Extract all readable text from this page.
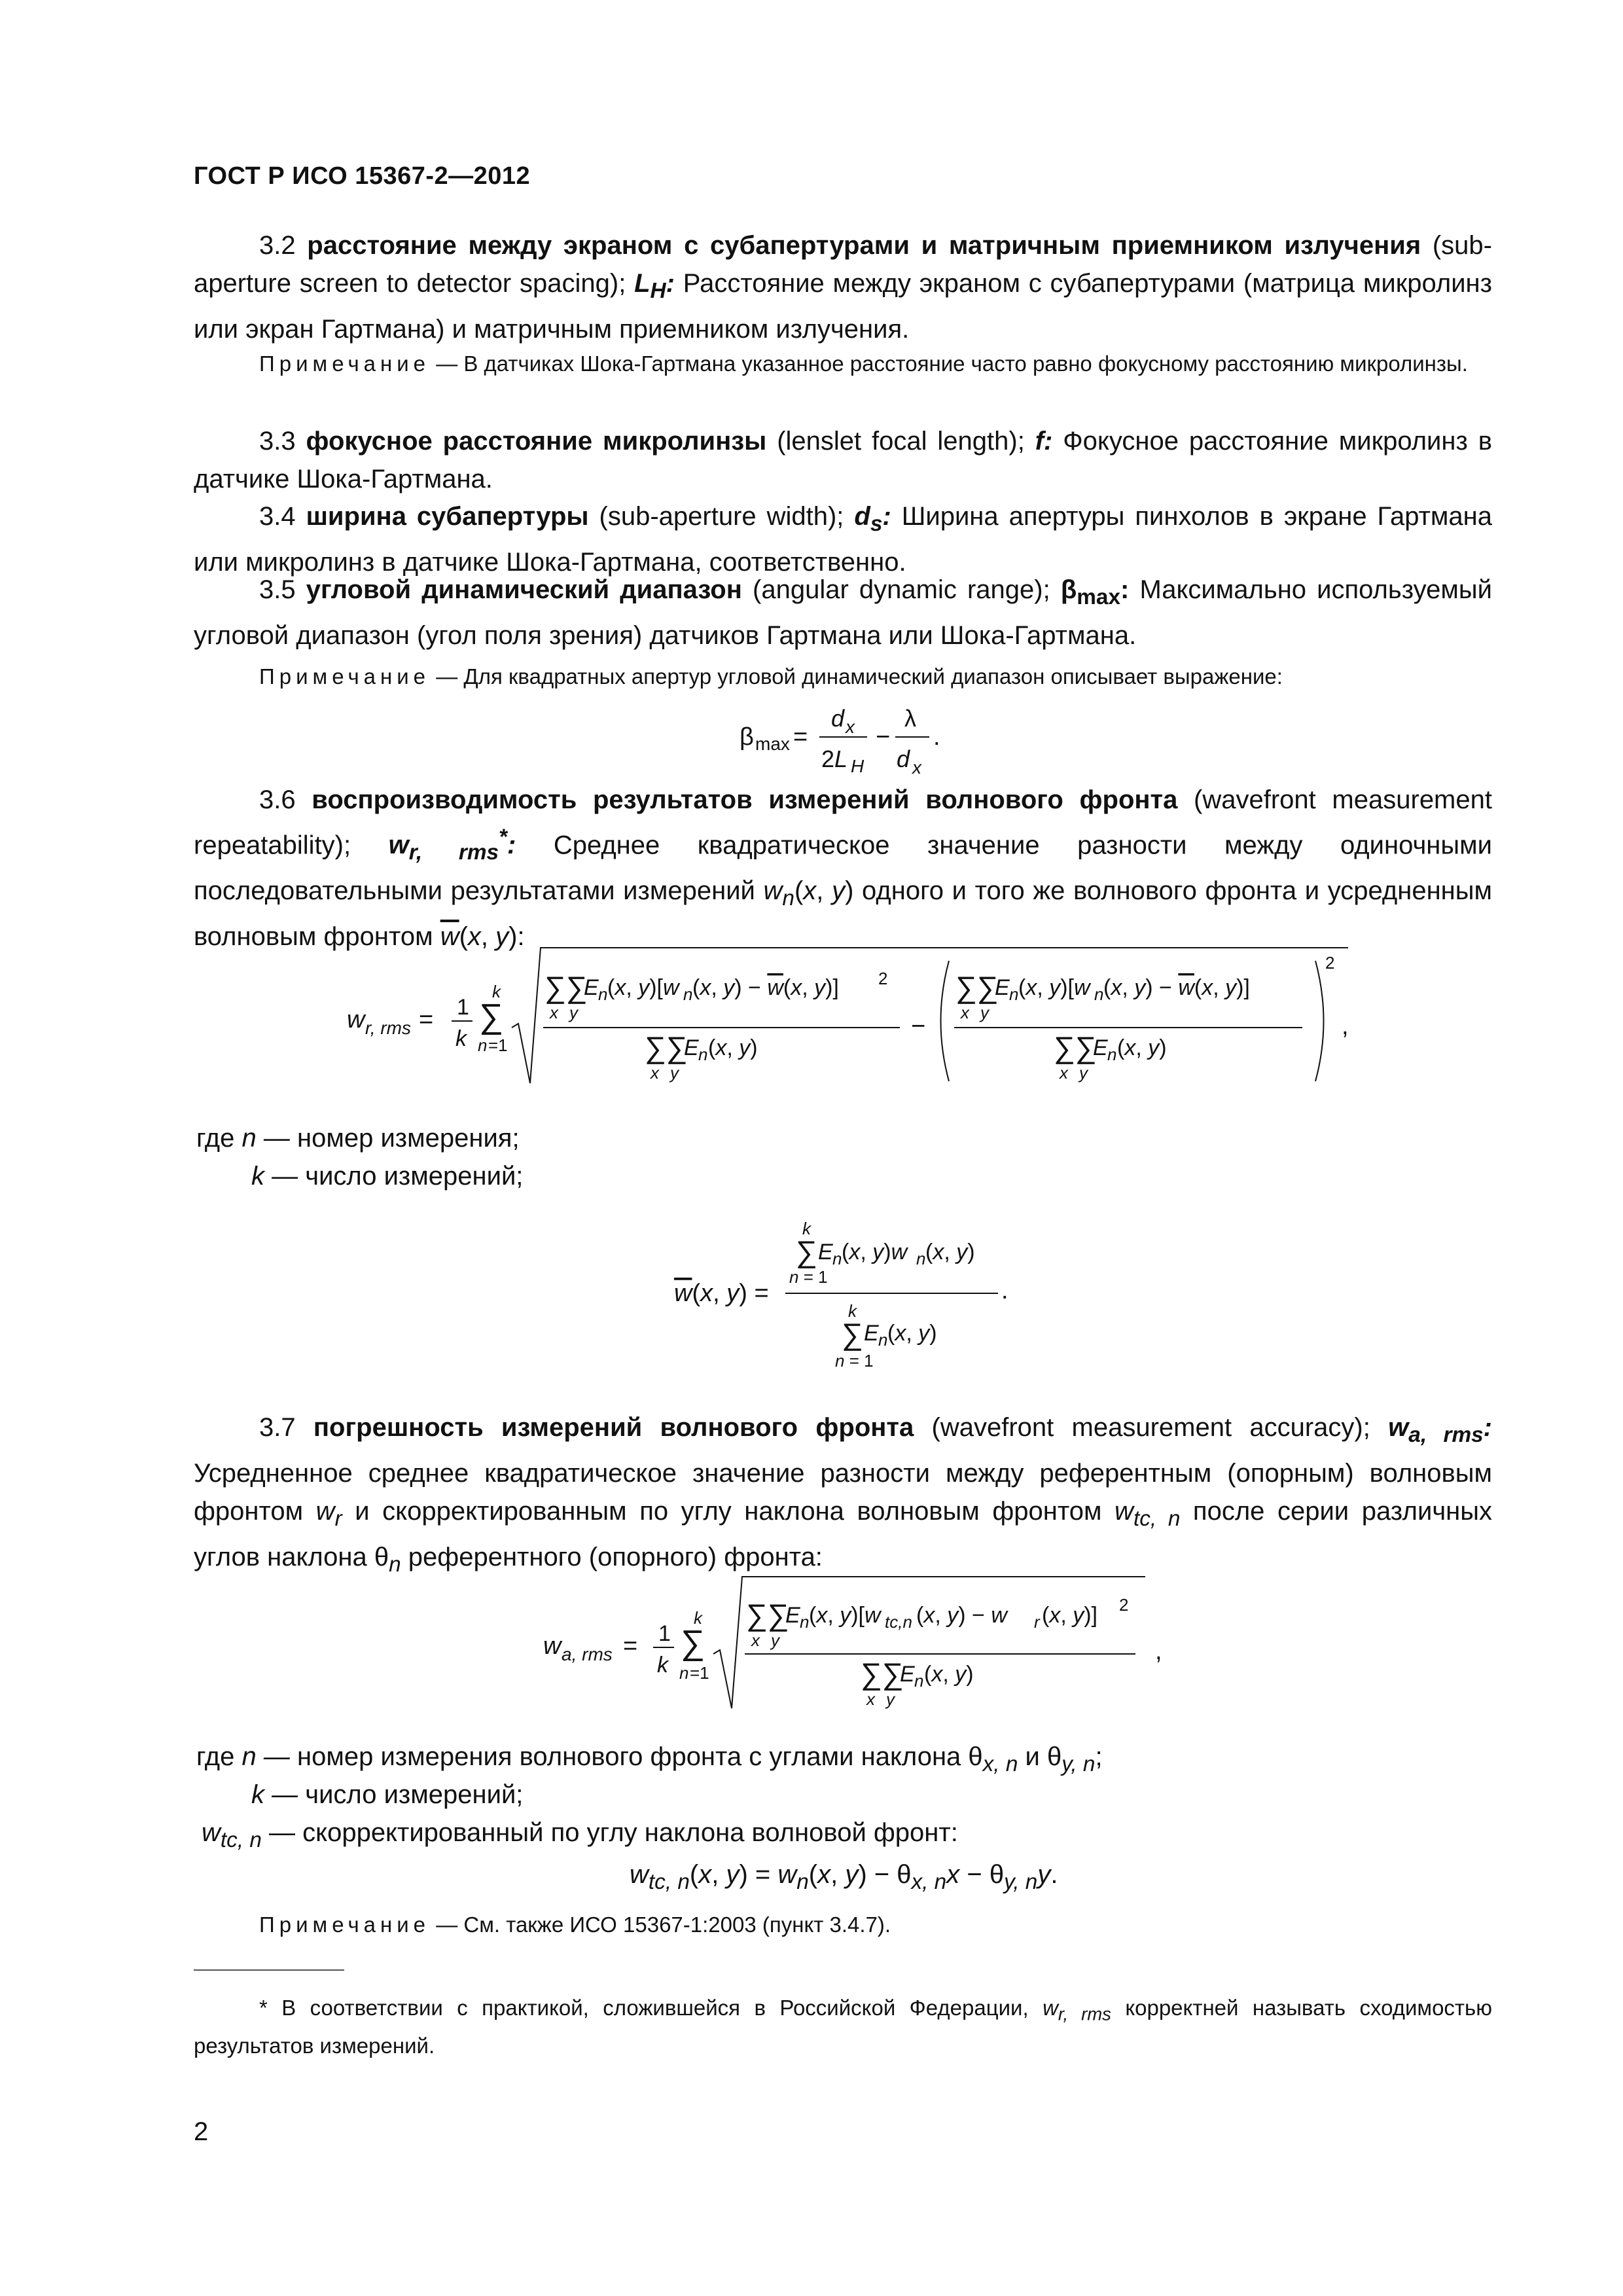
ГОСТ Р ИСО 15367-2—2012
3.2 расстояние между экраном с субапертурами и матричным приемником излучения (sub-aperture screen to detector spacing); $L_H$: Расстояние между экраном с субапертурами (матрица микролинз или экран Гартмана) и матричным приемником излучения.
Примечание — В датчиках Шока-Гартмана указанное расстояние часто равно фокусному расстоянию микролинзы.
3.3 фокусное расстояние микролинзы (lenslet focal length); f: Фокусное расстояние микролинз в датчике Шока-Гартмана.
3.4 ширина субапертуры (sub-aperture width); $d_s$: Ширина апертуры пинхолов в экране Гартмана или микролинз в датчике Шока-Гартмана, соответственно.
3.5 угловой динамический диапазон (angular dynamic range); $\beta_{max}$: Максимально используемый угловой диапазон (угол поля зрения) датчиков Гартмана или Шока-Гартмана.
Примечание — Для квадратных апертур угловой динамический диапазон описывает выражение:
β max =
d x
2L H
−
λ
d x
.
3.6 воспроизводимость результатов измерений волнового фронта (wavefront measurement repeatability); $w_{r, rms}^*$: Среднее квадратическое значение разности между одиночными последовательными результатами измерений $w_n(x$, y) одного и того же волнового фронта и усредненным волновым фронтом $\overline{w}(x$, y):
w r, rms = 1
k
k
∑
n =1
∑∑
E n (x, y)[w n (x, y) − w(x, y)] 2
x y
∑∑
E n (x, y)
x y
−
2
∑∑
E n (x, y)[w n (x, y) − w(x, y)]
x y
∑∑
E n (x, y)
x y
,
где n — номер измерения;
k — число измерений;
w(x, y) =
k
∑ E n (x, y)w n (x, y)
n = 1	.
k
∑ E n (x, y)
n = 1
3.7 погрешность измерений волнового фронта (wavefront measurement accuracy); $w_{a, rms}$: Усредненное среднее квадратическое значение разности между референтным (опорным) волновым фронтом $w_r$ и скорректированным по углу наклона волновым фронтом $w_{tc, n}$ после серии различных углов наклона $\theta_n$ референтного (опорного) фронта:
w a, rms = 1
k
k
∑
n =1
∑∑
E n (x, y)[w tc,n (x, y) − w r (x, y)] 2
x y
∑∑
E n (x, y)
x y
,
где n — номер измерения волнового фронта с углами наклона $\theta_{x, n}$ и $\theta_{y, n}$;
k — число измерений;
$w_{tc, n}$ — скорректированный по углу наклона волновой фронт:
$w_{tc, n}(x$, $y) = w_n(x$, $y) - \theta_{x, n}x - \theta_{y, n}y$.
Примечание — См. также ИСО 15367-1:2003 (пункт 3.4.7).
* В соответствии с практикой, сложившейся в Российской Федерации, $w_{r, rms}$ корректней называть сходимостью результатов измерений.
2
